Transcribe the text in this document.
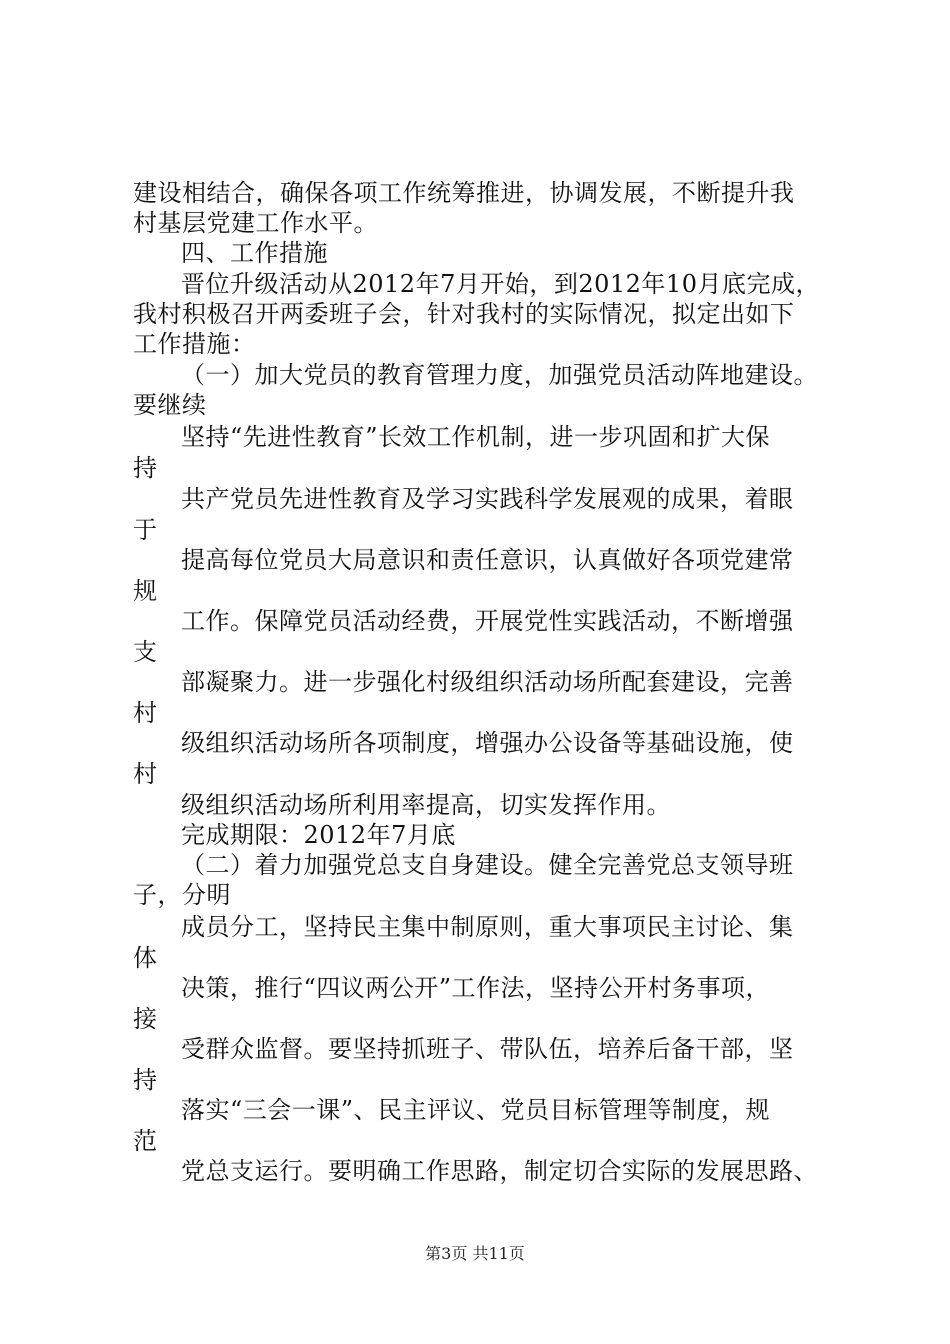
建设相结合，确保各项工作统筹推进，协调发展，不断提升我
村基层党建工作水平。
四、工作措施
晋位升级活动从2012年7月开始，到2012年10月底完成，
我村积极召开两委班子会，针对我村的实际情况，拟定出如下
工作措施：
（一）加大党员的教育管理力度，加强党员活动阵地建设。
要继续
坚持“先进性教育”长效工作机制，进一步巩固和扩大保
持
共产党员先进性教育及学习实践科学发展观的成果，着眼
于
提高每位党员大局意识和责任意识，认真做好各项党建常
规
工作。保障党员活动经费，开展党性实践活动，不断增强
支
部凝聚力。进一步强化村级组织活动场所配套建设，完善
村
级组织活动场所各项制度，增强办公设备等基础设施，使
村
级组织活动场所利用率提高，切实发挥作用。
完成期限：2012年7月底
（二）着力加强党总支自身建设。健全完善党总支领导班
子，分明
成员分工，坚持民主集中制原则，重大事项民主讨论、集
体
决策，推行“四议两公开”工作法，坚持公开村务事项，
接
受群众监督。要坚持抓班子、带队伍，培养后备干部，坚
持
落实“三会一课”、民主评议、党员目标管理等制度，规
范
党总支运行。要明确工作思路，制定切合实际的发展思路、
第3页 共11页
